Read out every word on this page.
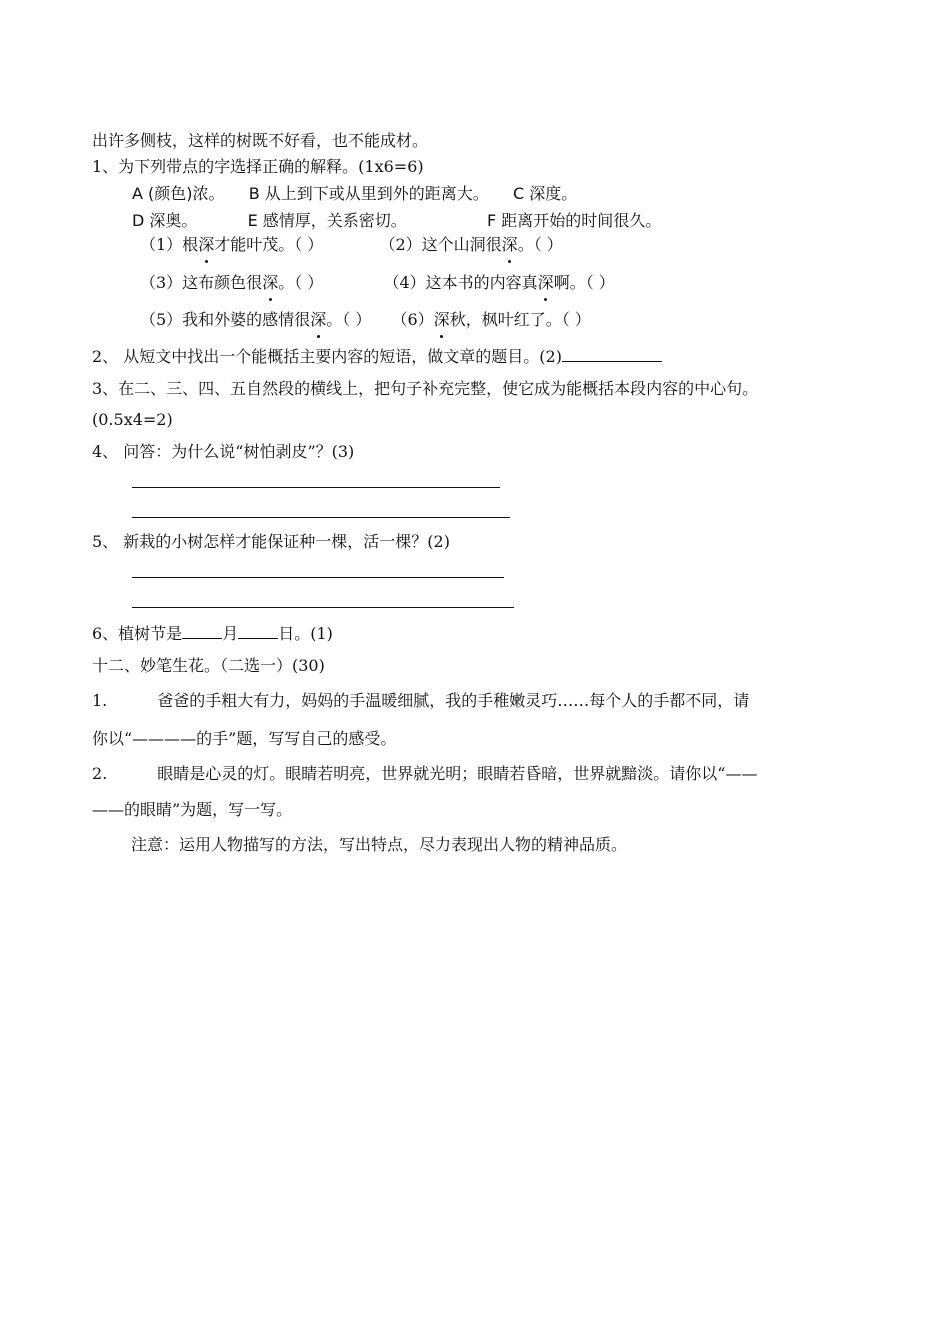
出许多侧枝，这样的树既不好看，也不能成材。
1、为下列带点的字选择正确的解释。(1x6=6)
A (颜色)浓。 B 从上到下或从里到外的距离大。 C 深度。
D 深奥。	E 感情厚，关系密切。	F 距离开始的时间很久。
（1）根深才能叶茂。（ ）	（2）这个山洞很深。（ ）
（3）这布颜色很深。（ ）	（4）这本书的内容真深啊。（ ）
（5）我和外婆的感情很深。（ ） （6）深秋，枫叶红了。（ ）
2、 从短文中找出一个能概括主要内容的短语，做文章的题目。(2)
3、在二、三、四、五自然段的横线上，把句子补充完整，使它成为能概括本段内容的中心句。
(0.5x4=2)
4、 问答：为什么说“树怕剥皮”？(3)
5、 新栽的小树怎样才能保证种一棵，活一棵？(2)
6、植树节是	月	日。(1)
十二、妙笔生花。（二选一）(30)
1.	爸爸的手粗大有力，妈妈的手温暖细腻，我的手稚嫩灵巧……每个人的手都不同，请
你以“————的手”题，写写自己的感受。
2.	眼睛是心灵的灯。眼睛若明亮，世界就光明；眼睛若昏暗，世界就黯淡。请你以“——
——的眼睛”为题，写一写。
注意：运用人物描写的方法，写出特点，尽力表现出人物的精神品质。
